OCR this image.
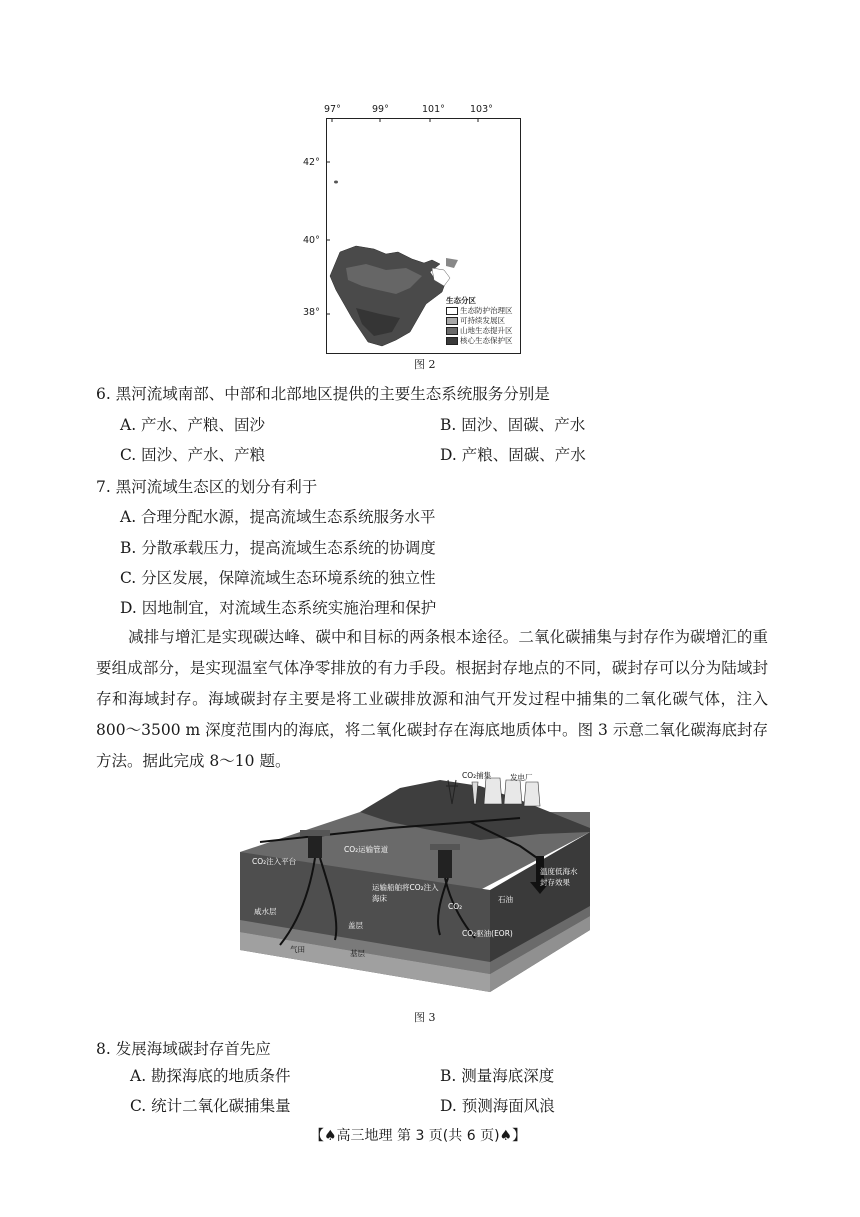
97°	99°	101°	103°
42°
40°
38°
生态分区
生态防护治理区
可持续发展区
山地生态提升区
核心生态保护区
图 2
6. 黑河流域南部、中部和北部地区提供的主要生态系统服务分别是
A. 产水、产粮、固沙	B. 固沙、固碳、产水
C. 固沙、产水、产粮	D. 产粮、固碳、产水
7. 黑河流域生态区的划分有利于
A. 合理分配水源，提高流域生态系统服务水平
B. 分散承载压力，提高流域生态系统的协调度
C. 分区发展，保障流域生态环境系统的独立性
D. 因地制宜，对流域生态系统实施治理和保护
减排与增汇是实现碳达峰、碳中和目标的两条根本途径。二氧化碳捕集与封存作为碳增汇的重要组成部分，是实现温室气体净零排放的有力手段。根据封存地点的不同，碳封存可以分为陆域封存和海域封存。海域碳封存主要是将工业碳排放源和油气开发过程中捕集的二氧化碳气体，注入 800～3500 m 深度范围内的海底，将二氧化碳封存在海底地质体中。图 3 示意二氧化碳海底封存方法。据此完成 8～10 题。
CO₂捕集	发电厂
CO₂注入平台
CO₂运输管道
运输船舶将CO₂注入海床	石油
CO₂
CO₂驱油(EOR)
咸水层
气田
盖层
基层
温度低海水封存效果
图 3
8. 发展海域碳封存首先应
A. 勘探海底的地质条件	B. 测量海底深度
C. 统计二氧化碳捕集量	D. 预测海面风浪
【♠高三地理 第 3 页(共 6 页)♠】
